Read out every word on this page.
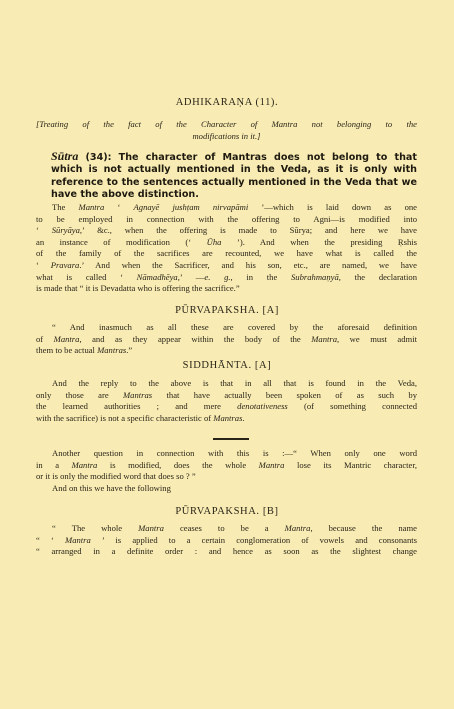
ADHIKARAṆA (11).
[Treating of the fact of the Character of Mantra not belonging to the
modifications in it.]
Sūtra (34): The character of Mantras does not belong to that
which is not actually mentioned in the Veda, as it is only with
reference to the sentences actually mentioned in the Veda that we
have the above distinction.
The Mantra ‘ Agnayē jushṭam nirvapāmi ’—which is laid down as one
to be employed in connection with the offering to Agni—is modified into
‘ Sūryāya,’ &c., when the offering is made to Sūrya; and here we have
an instance of modification (‘ Ūha ’). And when the presiding Ṛshis
of the family of the sacrifices are recounted, we have what is called the
‘ Pravara.’ And when the Sacrificer, and his son, etc., are named, we have
what is called ‘ Nāmadhēya,’ —e. g., in the Subrahmaṇyā, the declaration
is made that “ it is Devadatta who is offering the sacrifice.”
PŪRVAPAKSHA. [A]
“ And inasmuch as all these are covered by the aforesaid definition
of Mantra, and as they appear within the body of the Mantra, we must admit
them to be actual Mantras.”
SIDDHĀNTA. [A]
And the reply to the above is that in all that is found in the Veda,
only those are Mantras that have actually been spoken of as such by
the learned authorities ; and mere denotativeness (of something connected
with the sacrifice) is not a specific characteristic of Mantras.
Another question in connection with this is :—“ When only one word
in a Mantra is modified, does the whole Mantra lose its Mantric character,
or it is only the modified word that does so ? ”
And on this we have the following
PŪRVAPAKSHA. [B]
“ The whole Mantra ceases to be a Mantra, because the name
“ ‘ Mantra ’ is applied to a certain conglomeration of vowels and consonants
“ arranged in a definite order : and hence as soon as the slightest change
